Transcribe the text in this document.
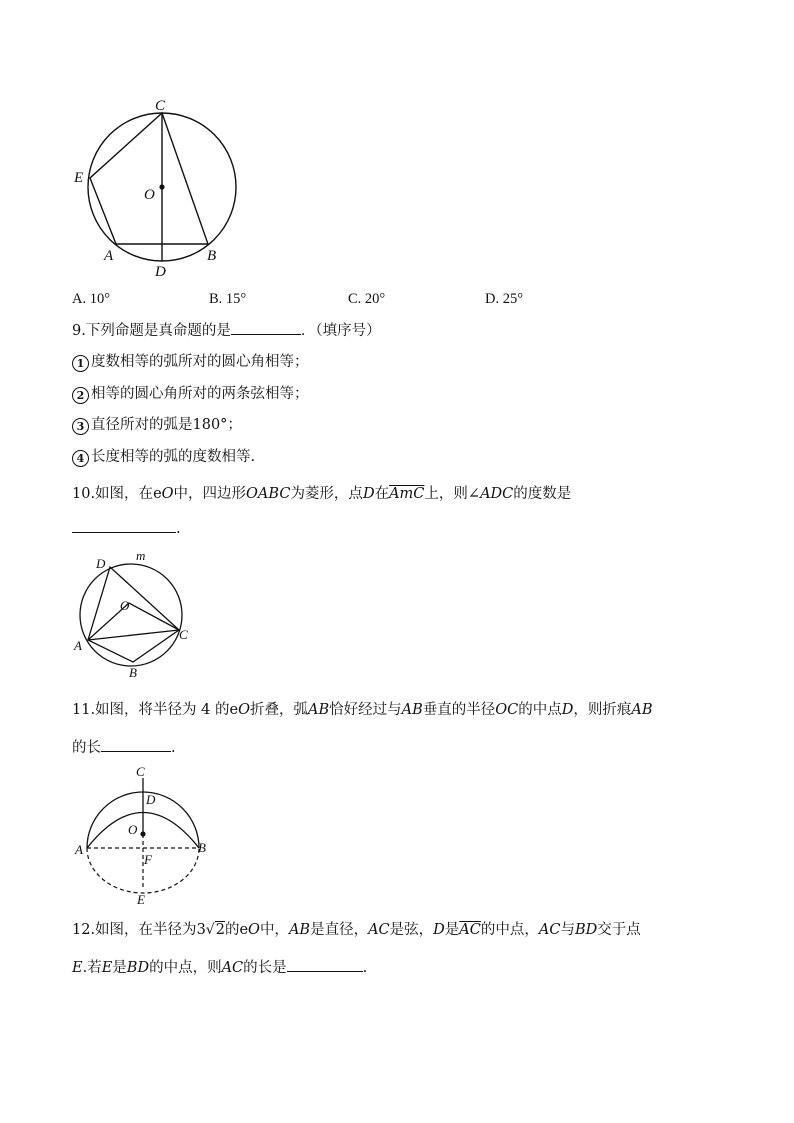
C
E
O
A	B
D
A. 10°	B. 15°	C. 20°	D. 25°
9.下列命题是真命题的是	．（填序号）
1 度数相等的弧所对的圆心角相等；
2 相等的圆心角所对的两条弦相等；
3 直径所对的弧是180°；
4 长度相等的弧的度数相等.
10.如图，在eO中，四边形OABC为菱形，点D在$\overline{AmC}$上，则∠ADC的度数是
.
D
m
O
A
C
B
11.如图，将半径为 4 的eO折叠，弧AB恰好经过与AB垂直的半径OC的中点D，则折痕AB
的长	.
C
D
O
A	B
F
E
12.如图，在半径为3√2的eO中，AB是直径，AC是弦，D是$\overline{AC}$的中点，AC与BD交于点
E.若E是BD的中点，则AC的长是	.
